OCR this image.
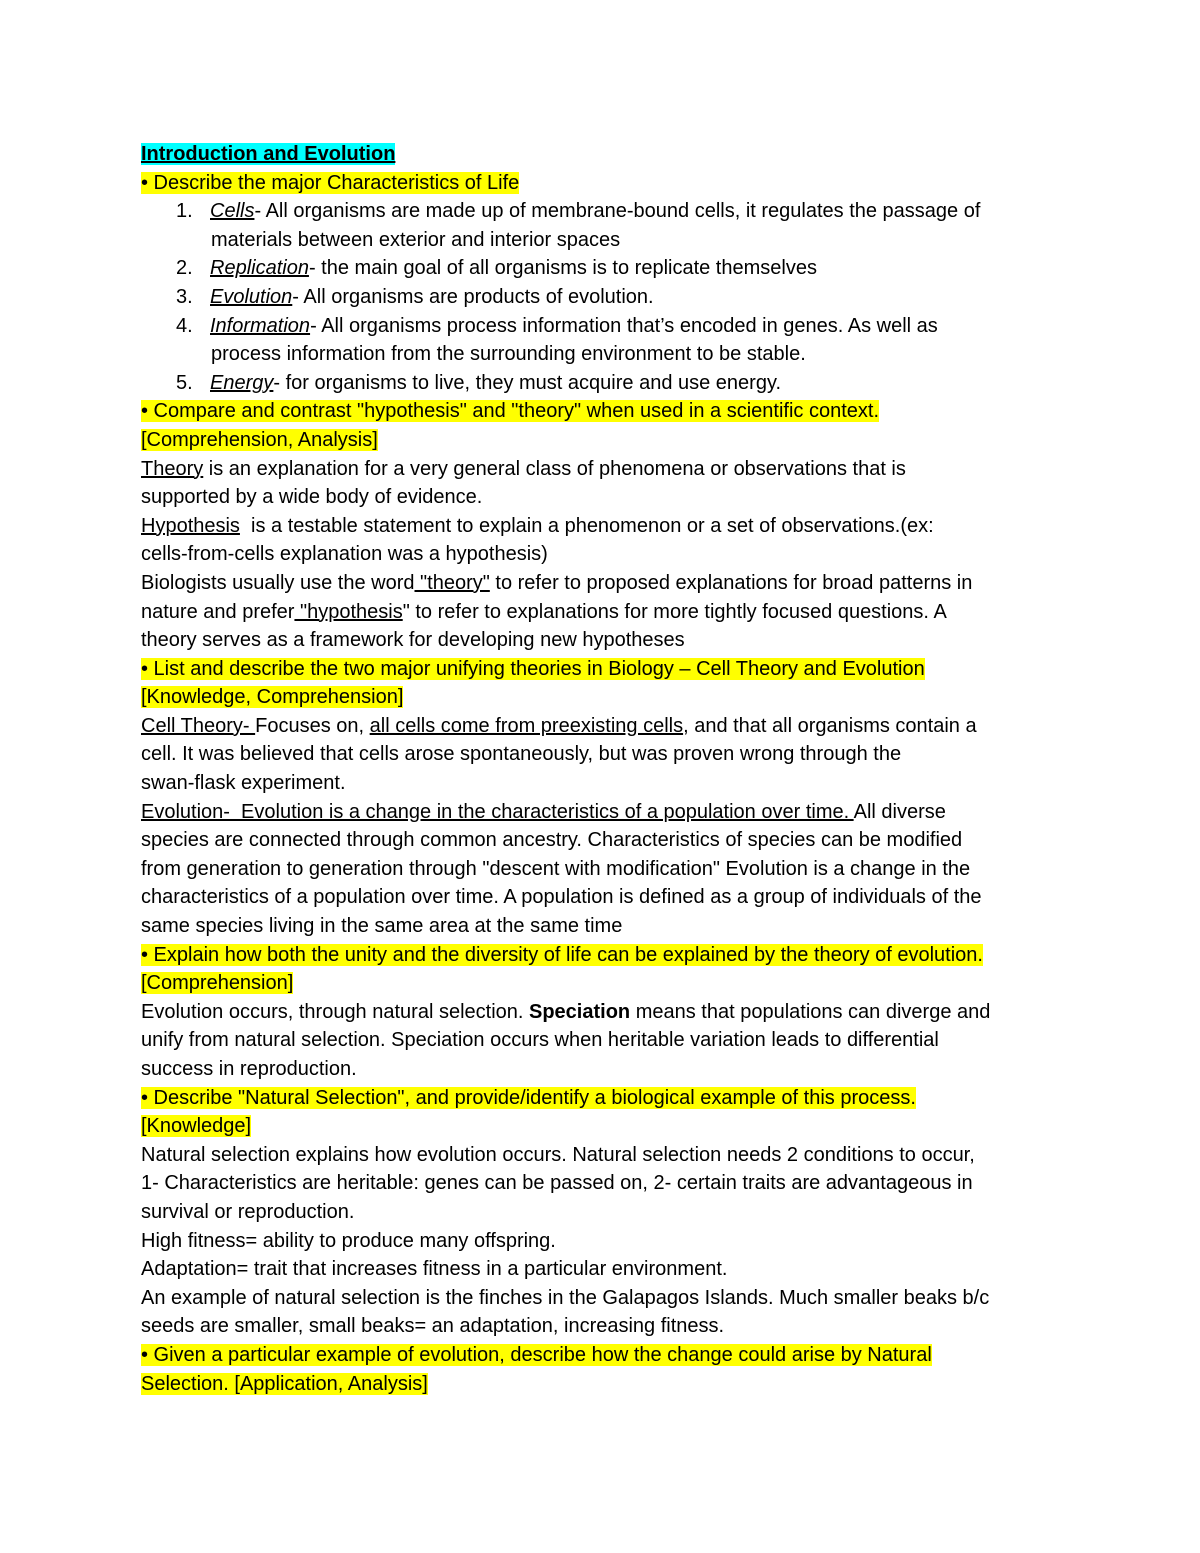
Introduction and Evolution

• Describe the major Characteristics of Life

1. Cells- All organisms are made up of membrane-bound cells, it regulates the passage of

materials between exterior and interior spaces

2. Replication- the main goal of all organisms is to replicate themselves

3. Evolution- All organisms are products of evolution.

4. Information- All organisms process information that’s encoded in genes. As well as

process information from the surrounding environment to be stable.

5. Energy- for organisms to live, they must acquire and use energy.

• Compare and contrast "hypothesis" and "theory" when used in a scientific context.

[Comprehension, Analysis]

Theory is an explanation for a very general class of phenomena or observations that is

supported by a wide body of evidence.

Hypothesis  is a testable statement to explain a phenomenon or a set of observations.(ex:

cells-from-cells explanation was a hypothesis)

Biologists usually use the word "theory" to refer to proposed explanations for broad patterns in

nature and prefer "hypothesis" to refer to explanations for more tightly focused questions. A

theory serves as a framework for developing new hypotheses

• List and describe the two major unifying theories in Biology – Cell Theory and Evolution

[Knowledge, Comprehension]

Cell Theory- Focuses on, all cells come from preexisting cells, and that all organisms contain a

cell. It was believed that cells arose spontaneously, but was proven wrong through the

swan-flask experiment.

Evolution-  Evolution is a change in the characteristics of a population over time. All diverse

species are connected through common ancestry. Characteristics of species can be modified

from generation to generation through "descent with modification" Evolution is a change in the

characteristics of a population over time. A population is defined as a group of individuals of the

same species living in the same area at the same time

• Explain how both the unity and the diversity of life can be explained by the theory of evolution.

[Comprehension]

Evolution occurs, through natural selection. Speciation means that populations can diverge and

unify from natural selection. Speciation occurs when heritable variation leads to differential

success in reproduction.

• Describe "Natural Selection", and provide/identify a biological example of this process.

[Knowledge]

Natural selection explains how evolution occurs. Natural selection needs 2 conditions to occur,

1- Characteristics are heritable: genes can be passed on, 2- certain traits are advantageous in

survival or reproduction.

High fitness= ability to produce many offspring.

Adaptation= trait that increases fitness in a particular environment.

An example of natural selection is the finches in the Galapagos Islands. Much smaller beaks b/c

seeds are smaller, small beaks= an adaptation, increasing fitness.

• Given a particular example of evolution, describe how the change could arise by Natural

Selection. [Application, Analysis]
